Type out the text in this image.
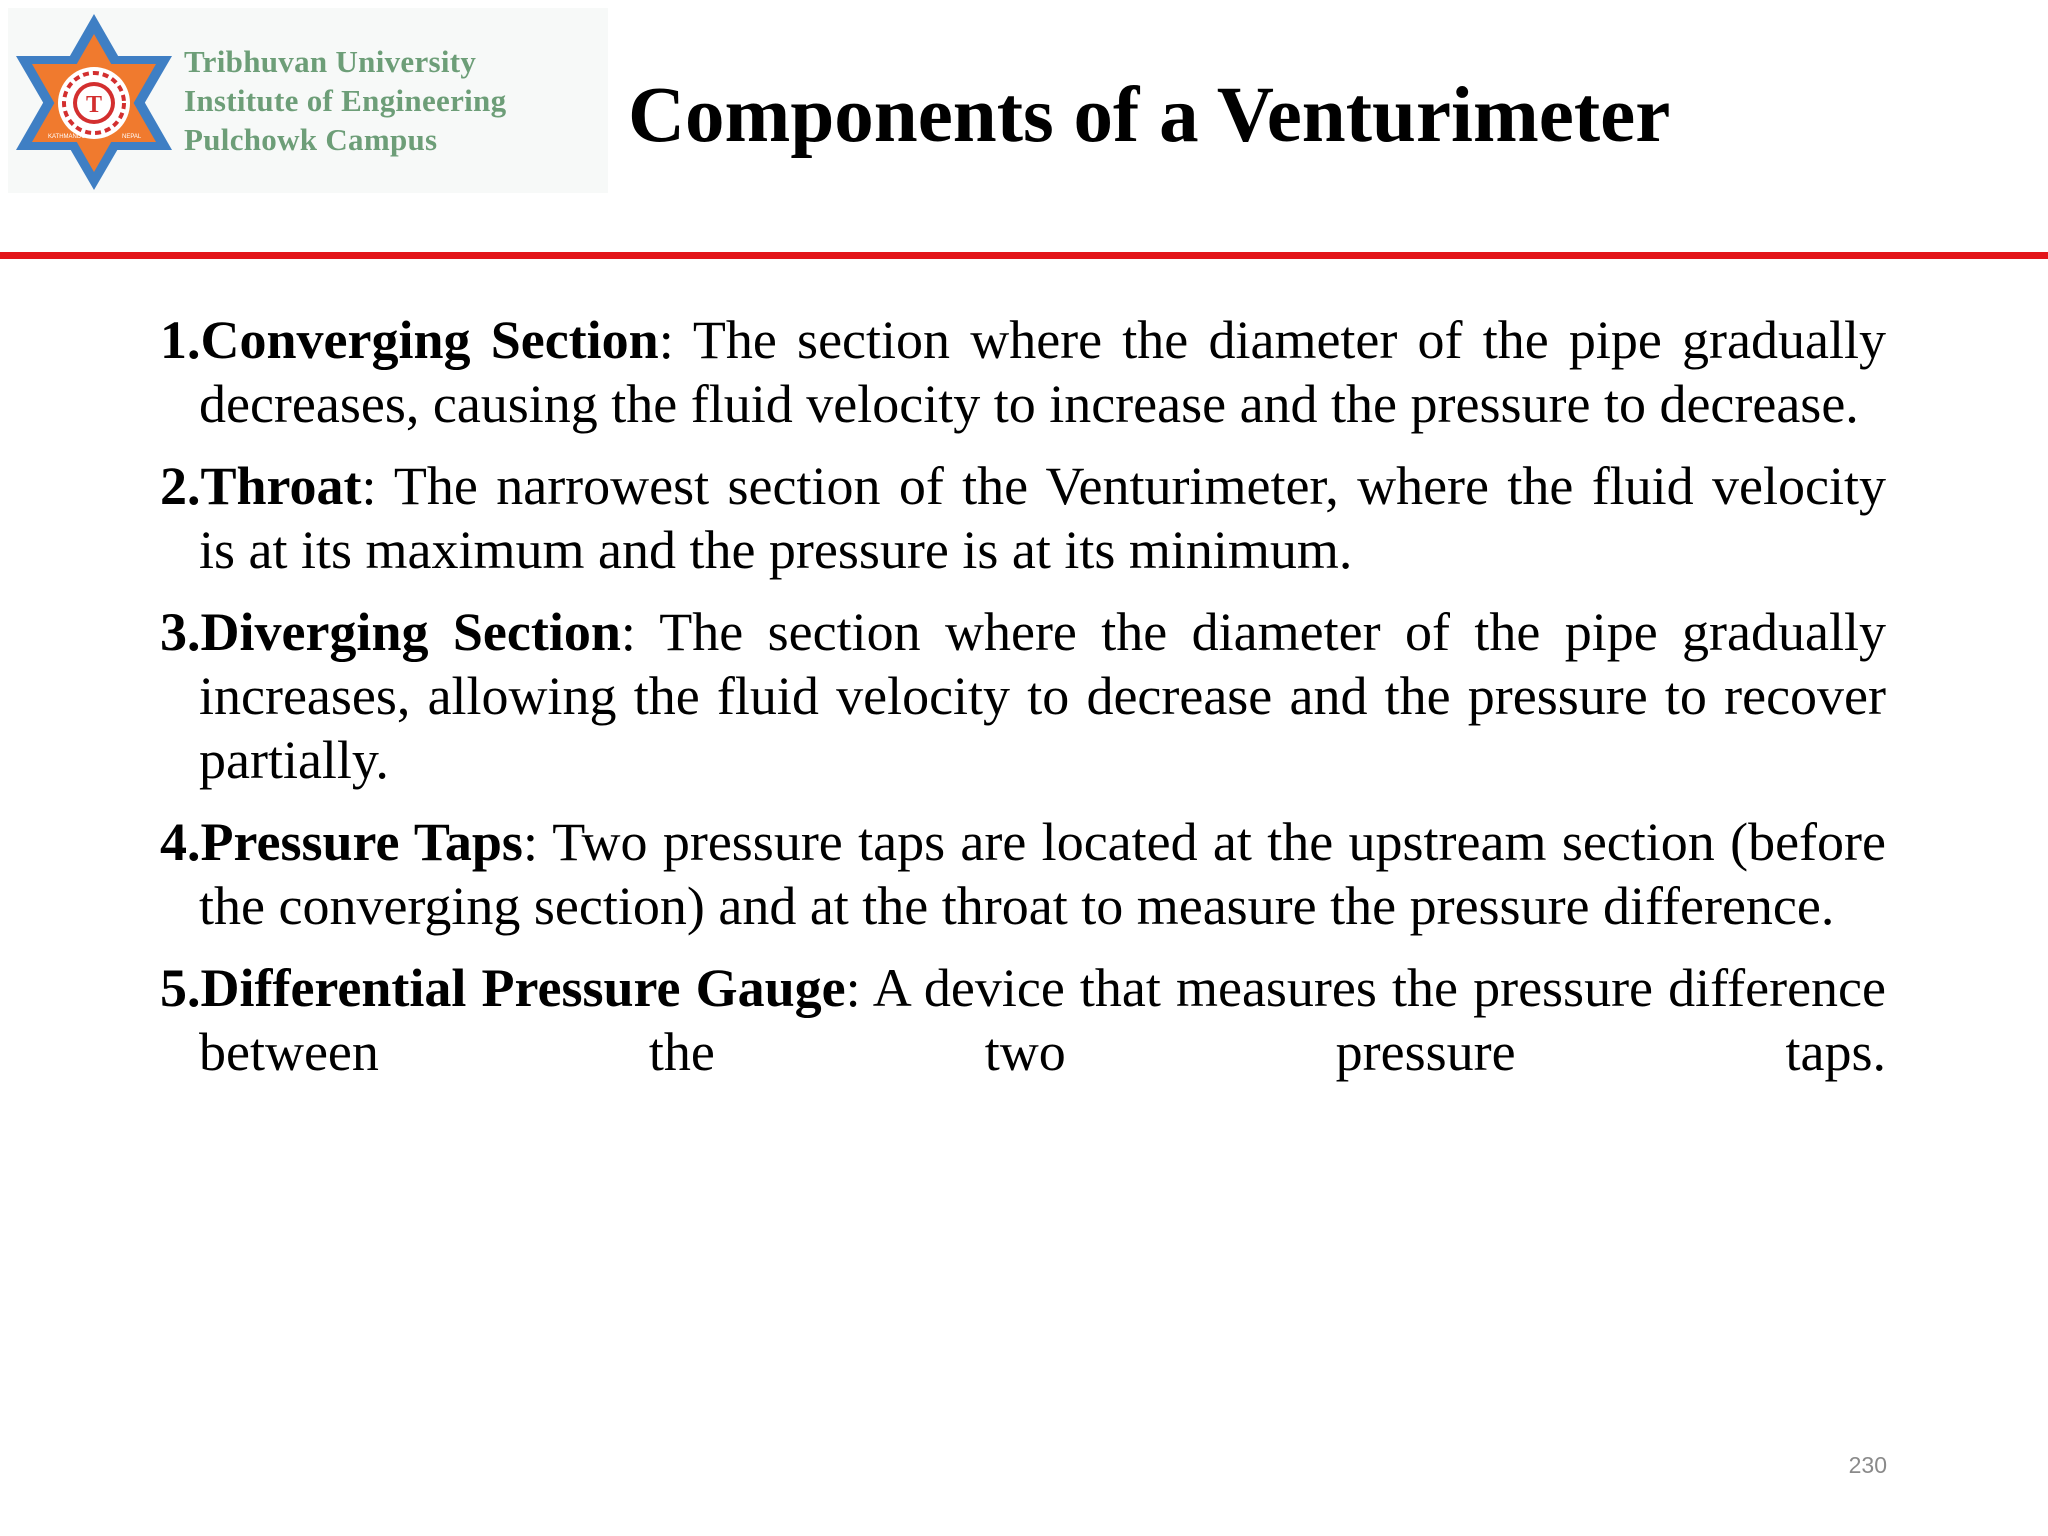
T
KATHMANDU	NEPAL
Tribhuvan University
Institute of Engineering
Pulchowk Campus	Components of a Venturimeter
1.Converging Section: The section where the diameter of the pipe gradually decreases, causing the fluid velocity to increase and the pressure to decrease.
2.Throat: The narrowest section of the Venturimeter, where the fluid velocity is at its maximum and the pressure is at its minimum.
3.Diverging Section: The section where the diameter of the pipe gradually increases, allowing the fluid velocity to decrease and the pressure to recover partially.
4.Pressure Taps: Two pressure taps are located at the upstream section (before the converging section) and at the throat to measure the pressure difference.
5.Differential Pressure Gauge: A device that measures the pressure difference between the two pressure taps.
230
